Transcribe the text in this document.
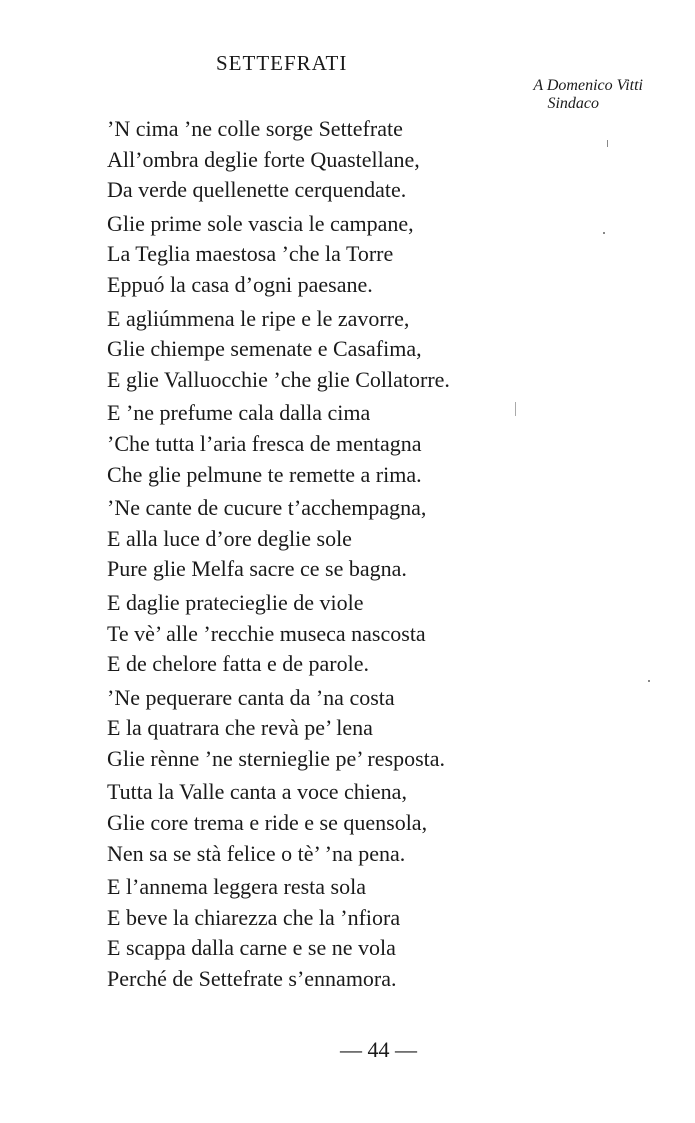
SETTEFRATI
A Domenico Vitti
Sindaco
’N cima ’ne colle sorge Settefrate
All’ombra deglie forte Quastellane,
Da verde quellenette cerquendate.
Glie prime sole vascia le campane,
La Teglia maestosa ’che la Torre
Eppuó la casa d’ogni paesane.
E agliúmmena le ripe e le zavorre,
Glie chiempe semenate e Casafima,
E glie Valluocchie ’che glie Collatorre.
E ’ne prefume cala dalla cima
’Che tutta l’aria fresca de mentagna
Che glie pelmune te remette a rima.
’Ne cante de cucure t’acchempagna,
E alla luce d’ore deglie sole
Pure glie Melfa sacre ce se bagna.
E daglie pratecieglie de viole
Te vè’ alle ’recchie museca nascosta
E de chelore fatta e de parole.
’Ne pequerare canta da ’na costa
E la quatrara che revà pe’ lena
Glie rènne ’ne sternieglie pe’ resposta.
Tutta la Valle canta a voce chiena,
Glie core trema e ride e se quensola,
Nen sa se stà felice o tè’ ’na pena.
E l’annema leggera resta sola
E beve la chiarezza che la ’nfiora
E scappa dalla carne e se ne vola
Perché de Settefrate s’ennamora.
— 44 —
